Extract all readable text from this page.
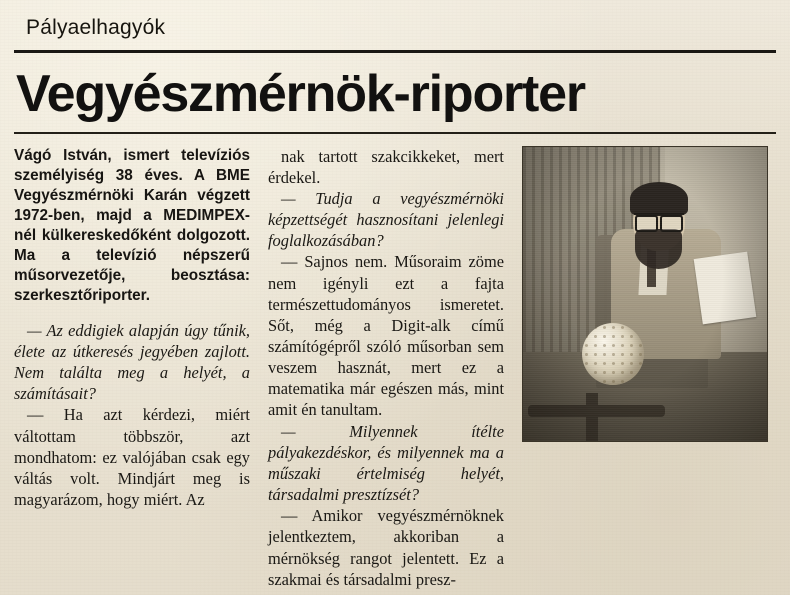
Pályaelhagyók
Vegyészmérnök-riporter

Vágó István, ismert televíziós személyiség 38 éves. A BME Vegyészmérnöki Karán végzett 1972-ben, majd a MEDIMPEX-nél külkereskedőként dolgozott. Ma a televízió népszerű műsorvezetője, beosztása: szerkesztőriporter.

— Az eddigiek alapján úgy tűnik, élete az útkeresés jegyében zajlott. Nem találta meg a helyét, a számításait?

— Ha azt kérdezi, miért váltottam többször, azt mondhatom: ez valójában csak egy váltás volt. Mindjárt meg is magyarázom, hogy miért. Az

nak tartott szakcikkeket, mert érdekel.

— Tudja a vegyészmérnöki képzettségét hasznosítani jelenlegi foglalkozásában?

— Sajnos nem. Műsoraim zöme nem igényli ezt a fajta természettudományos ismeretet. Sőt, még a Digit-alk című számítógépről szóló műsorban sem veszem hasznát, mert ez a matematika már egészen más, mint amit én tanultam.

— Milyennek ítélte pályakezdéskor, és milyennek ma a műszaki értelmiség helyét, társadalmi presztízsét?

— Amikor vegyészmérnöknek jelentkeztem, akkoriban a mérnökség rangot jelentett. Ez a szakmai és társadalmi presz-
